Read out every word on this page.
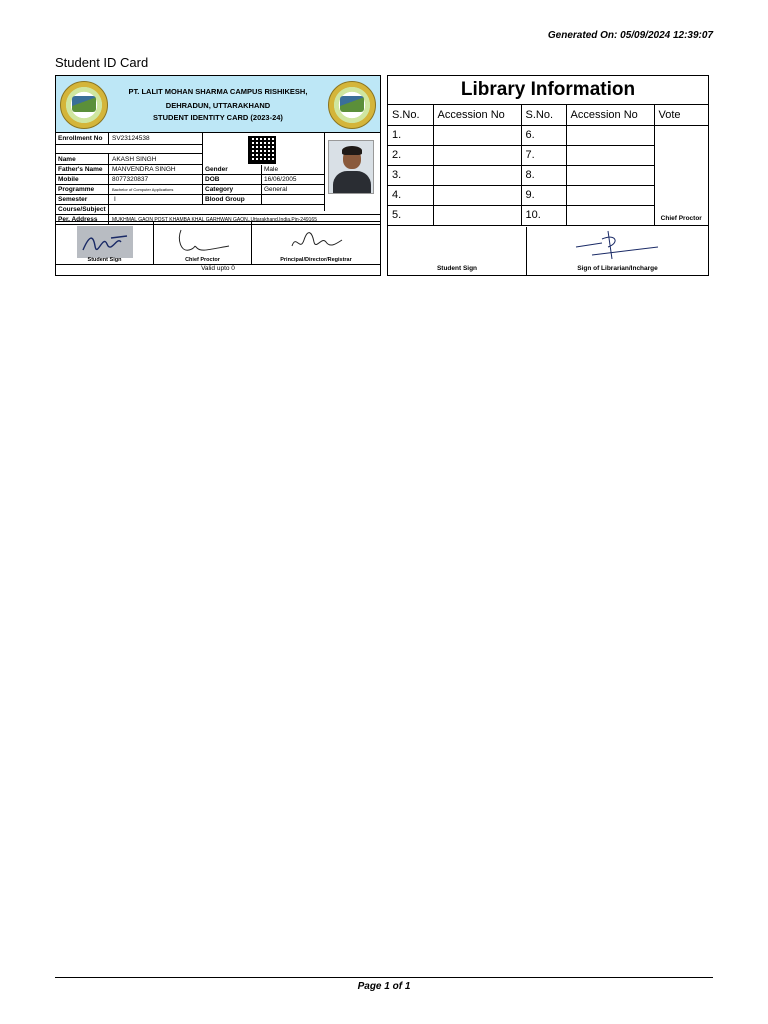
Generated On: 05/09/2024 12:39:07
Student ID Card
PT. LALIT MOHAN SHARMA CAMPUS RISHIKESH,
DEHRADUN, UTTARAKHAND
STUDENT IDENTITY CARD (2023-24)
Enrollment No	SV23124538
Name	AKASH SINGH
Father's Name	MANVENDRA SINGH	Gender	Male
Mobile	8077320837	DOB	16/06/2005
Programme	Bachelor of Computer Applications	Category	General
Semester	I	Blood Group
Course/Subject
Per. Address	MUKHMAL GAON POST KHAMBA KHAL GARHWAN GAON,,Uttarakhand,India,Pin-249165
Student Sign	Chief Proctor	Principal/Director/Registrar
Valid upto 0
Library Information
S.No.	Accession No	S.No.	Accession No	Vote
1.		6.		Chief Proctor
2.		7.		
3.		8.		
4.		9.		
5.		10.		
Student Sign	Sign of Librarian/Incharge
Page 1 of 1
